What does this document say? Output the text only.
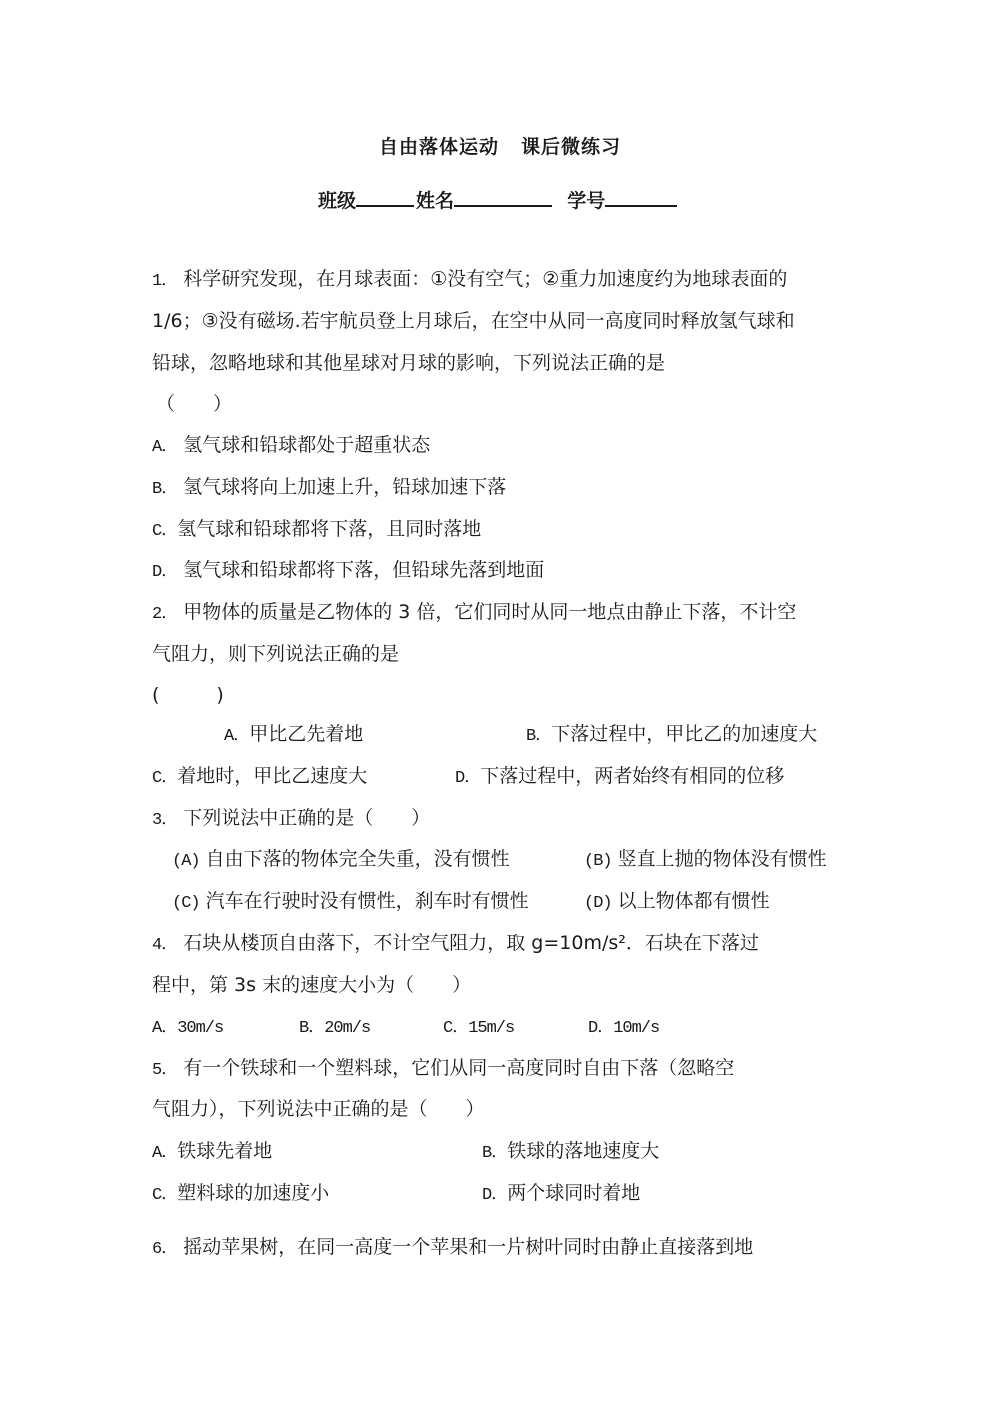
自由落体运动 课后微练习
班级	姓名	学号
1． 科学研究发现，在月球表面：①没有空气；②重力加速度约为地球表面的
1/6；③没有磁场.若宇航员登上月球后，在空中从同一高度同时释放氢气球和
铅球，忽略地球和其他星球对月球的影响，下列说法正确的是
（　　）
A． 氢气球和铅球都处于超重状态
B． 氢气球将向上加速上升，铅球加速下落
C．氢气球和铅球都将下落，且同时落地
D． 氢气球和铅球都将下落，但铅球先落到地面
2． 甲物体的质量是乙物体的 3 倍，它们同时从同一地点由静止下落，不计空
气阻力，则下列说法正确的是
(　　　)
A．甲比乙先着地	B．下落过程中，甲比乙的加速度大
C．着地时，甲比乙速度大	D．下落过程中，两者始终有相同的位移
3． 下列说法中正确的是（　　）
(A) 自由下落的物体完全失重，没有惯性	(B) 竖直上抛的物体没有惯性
(C) 汽车在行驶时没有惯性，刹车时有惯性	(D) 以上物体都有惯性
4． 石块从楼顶自由落下，不计空气阻力，取 g=10m/s²．石块在下落过
程中，第 3s 末的速度大小为（　　）
A．30m/s	B．20m/s	C．15m/s	D．10m/s
5． 有一个铁球和一个塑料球，它们从同一高度同时自由下落（忽略空
气阻力），下列说法中正确的是（　　）
A．铁球先着地	B．铁球的落地速度大
C．塑料球的加速度小	D．两个球同时着地
6． 摇动苹果树，在同一高度一个苹果和一片树叶同时由静止直接落到地
